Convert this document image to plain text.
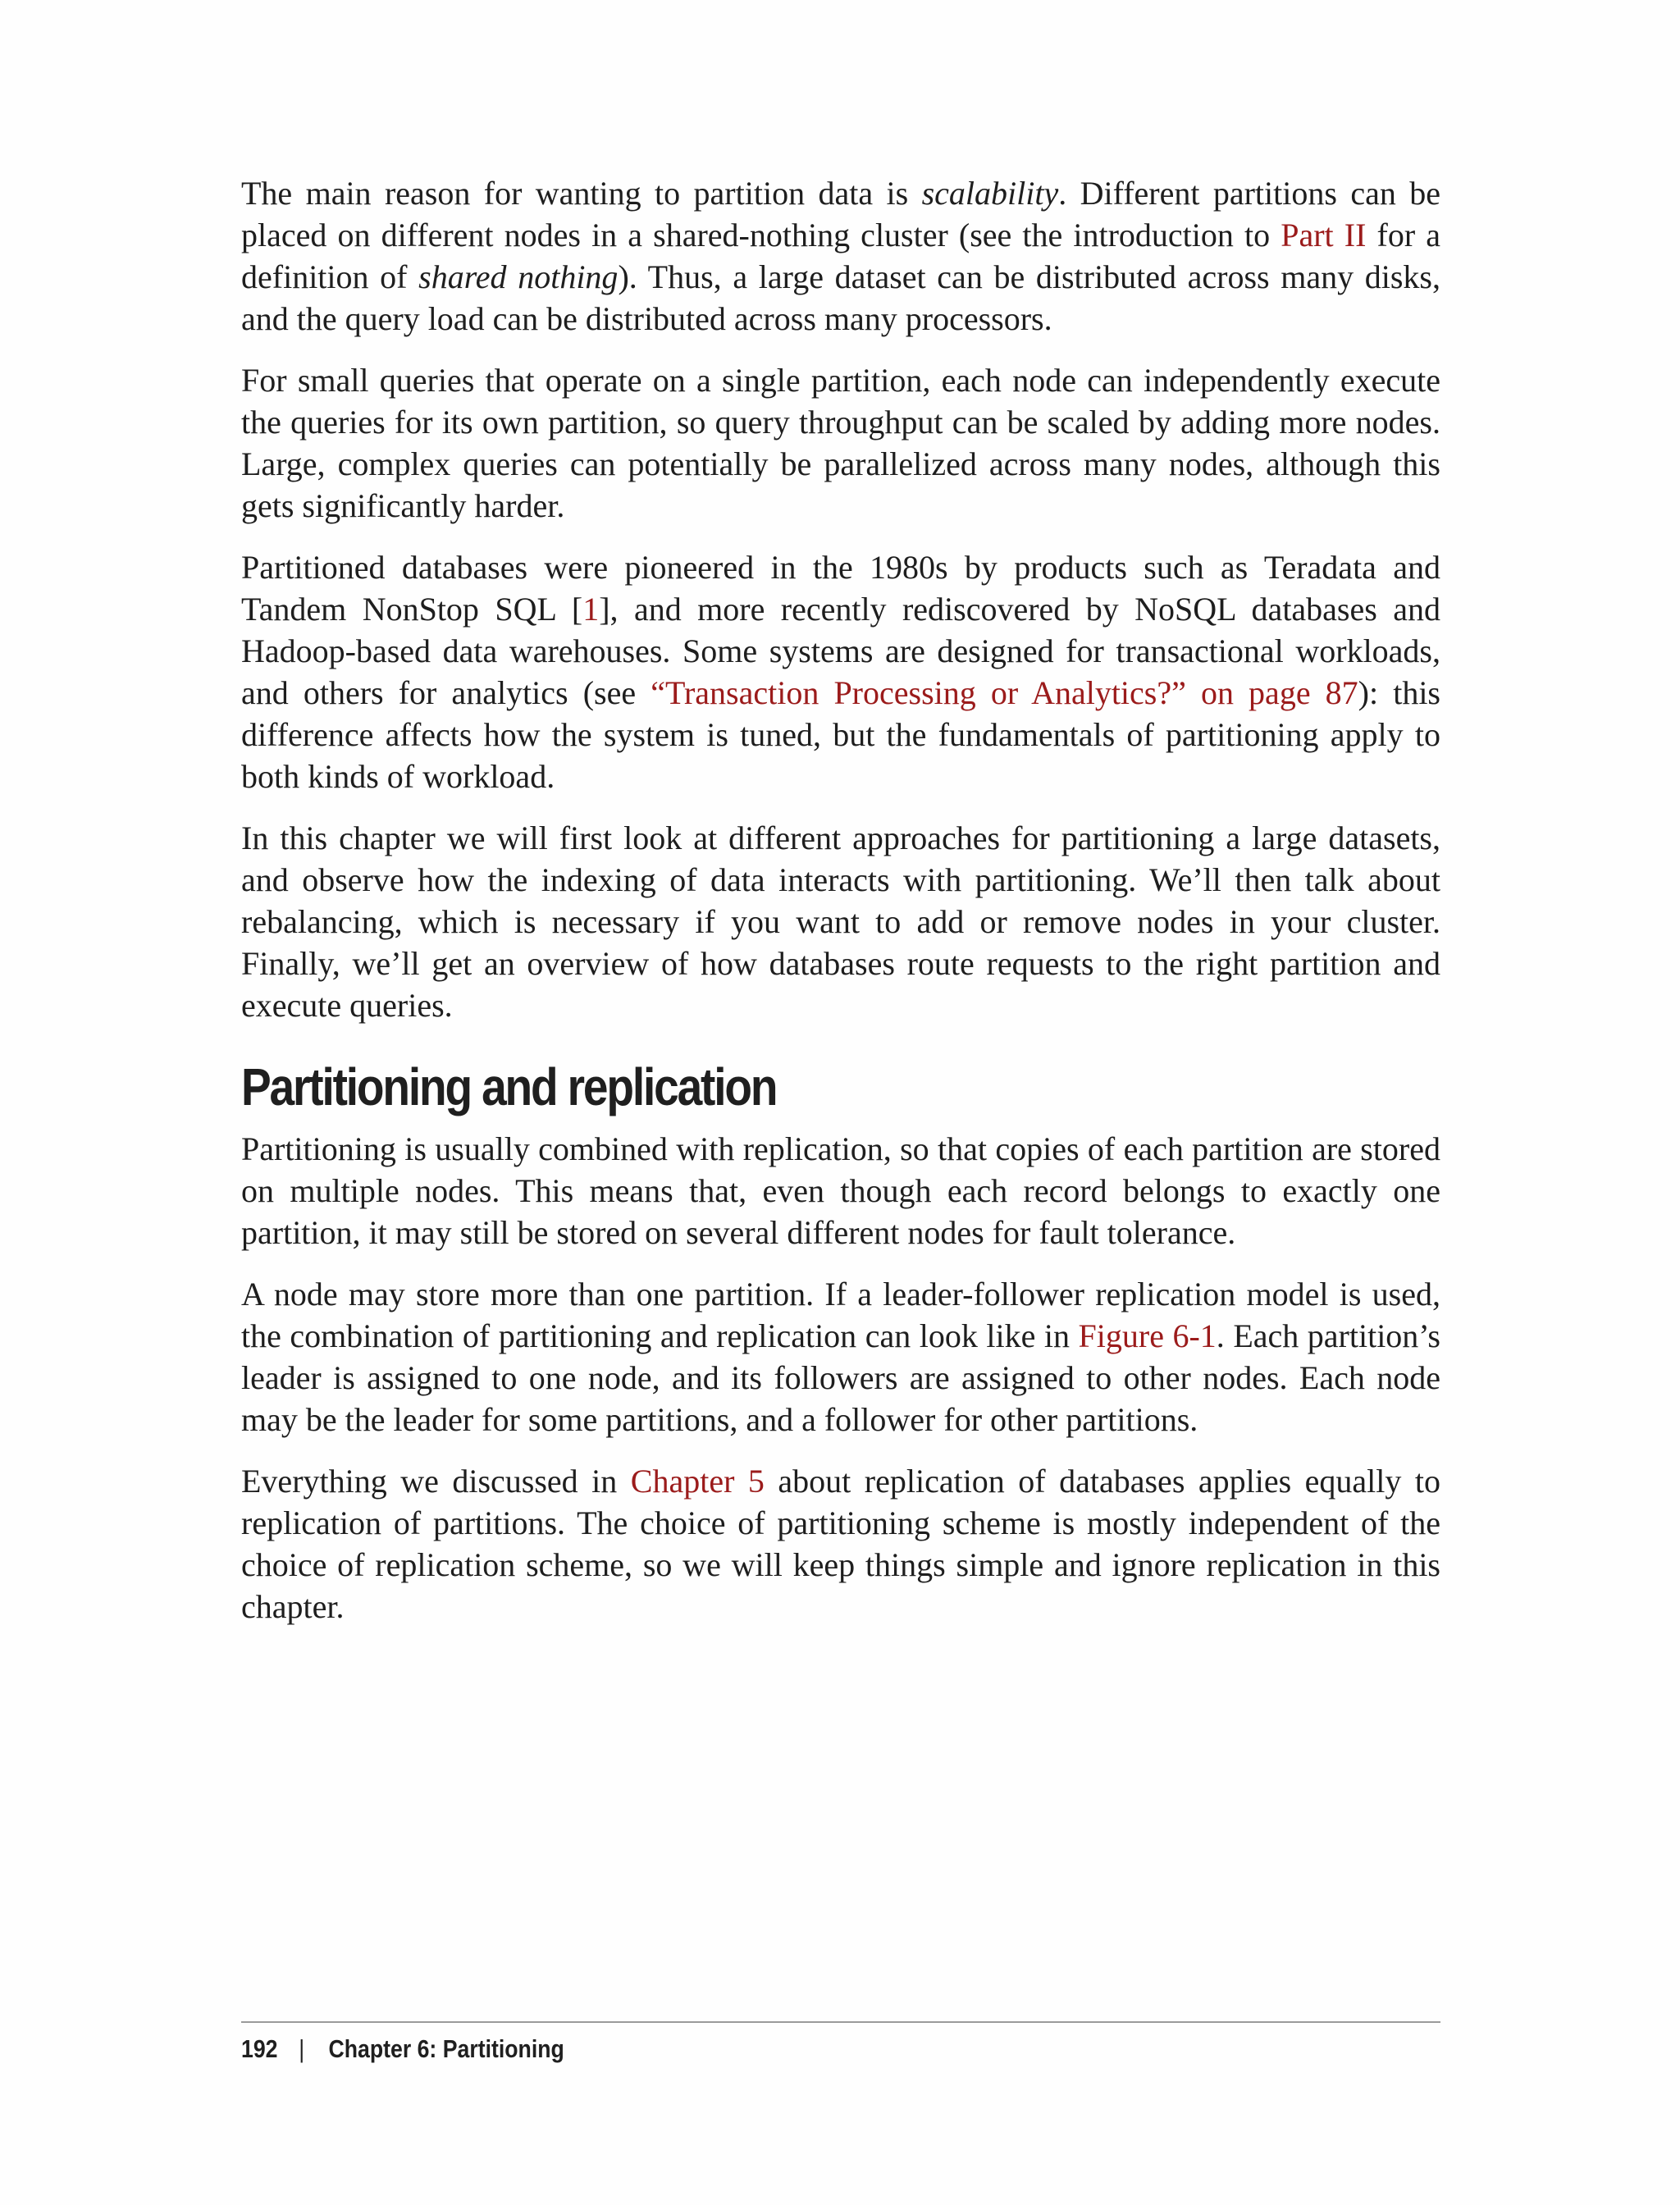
The main reason for wanting to partition data is scalability. Different partitions can be placed on different nodes in a shared-nothing cluster (see the introduction to Part II for a definition of shared nothing). Thus, a large dataset can be distributed across many disks, and the query load can be distributed across many processors.

For small queries that operate on a single partition, each node can independently execute the queries for its own partition, so query throughput can be scaled by adding more nodes. Large, complex queries can potentially be parallelized across many nodes, although this gets significantly harder.

Partitioned databases were pioneered in the 1980s by products such as Teradata and Tandem NonStop SQL [1], and more recently rediscovered by NoSQL databases and Hadoop-based data warehouses. Some systems are designed for transactional workloads, and others for analytics (see “Transaction Processing or Analytics?” on page 87): this difference affects how the system is tuned, but the fundamentals of partitioning apply to both kinds of workload.

In this chapter we will first look at different approaches for partitioning a large datasets, and observe how the indexing of data interacts with partitioning. We’ll then talk about rebalancing, which is necessary if you want to add or remove nodes in your cluster. Finally, we’ll get an overview of how databases route requests to the right partition and execute queries.

Partitioning and replication

Partitioning is usually combined with replication, so that copies of each partition are stored on multiple nodes. This means that, even though each record belongs to exactly one partition, it may still be stored on several different nodes for fault tolerance.

A node may store more than one partition. If a leader-follower replication model is used, the combination of partitioning and replication can look like in Figure 6-1. Each partition’s leader is assigned to one node, and its followers are assigned to other nodes. Each node may be the leader for some partitions, and a follower for other partitions.

Everything we discussed in Chapter 5 about replication of databases applies equally to replication of partitions. The choice of partitioning scheme is mostly independent of the choice of replication scheme, so we will keep things simple and ignore replication in this chapter.

192 | Chapter 6: Partitioning
